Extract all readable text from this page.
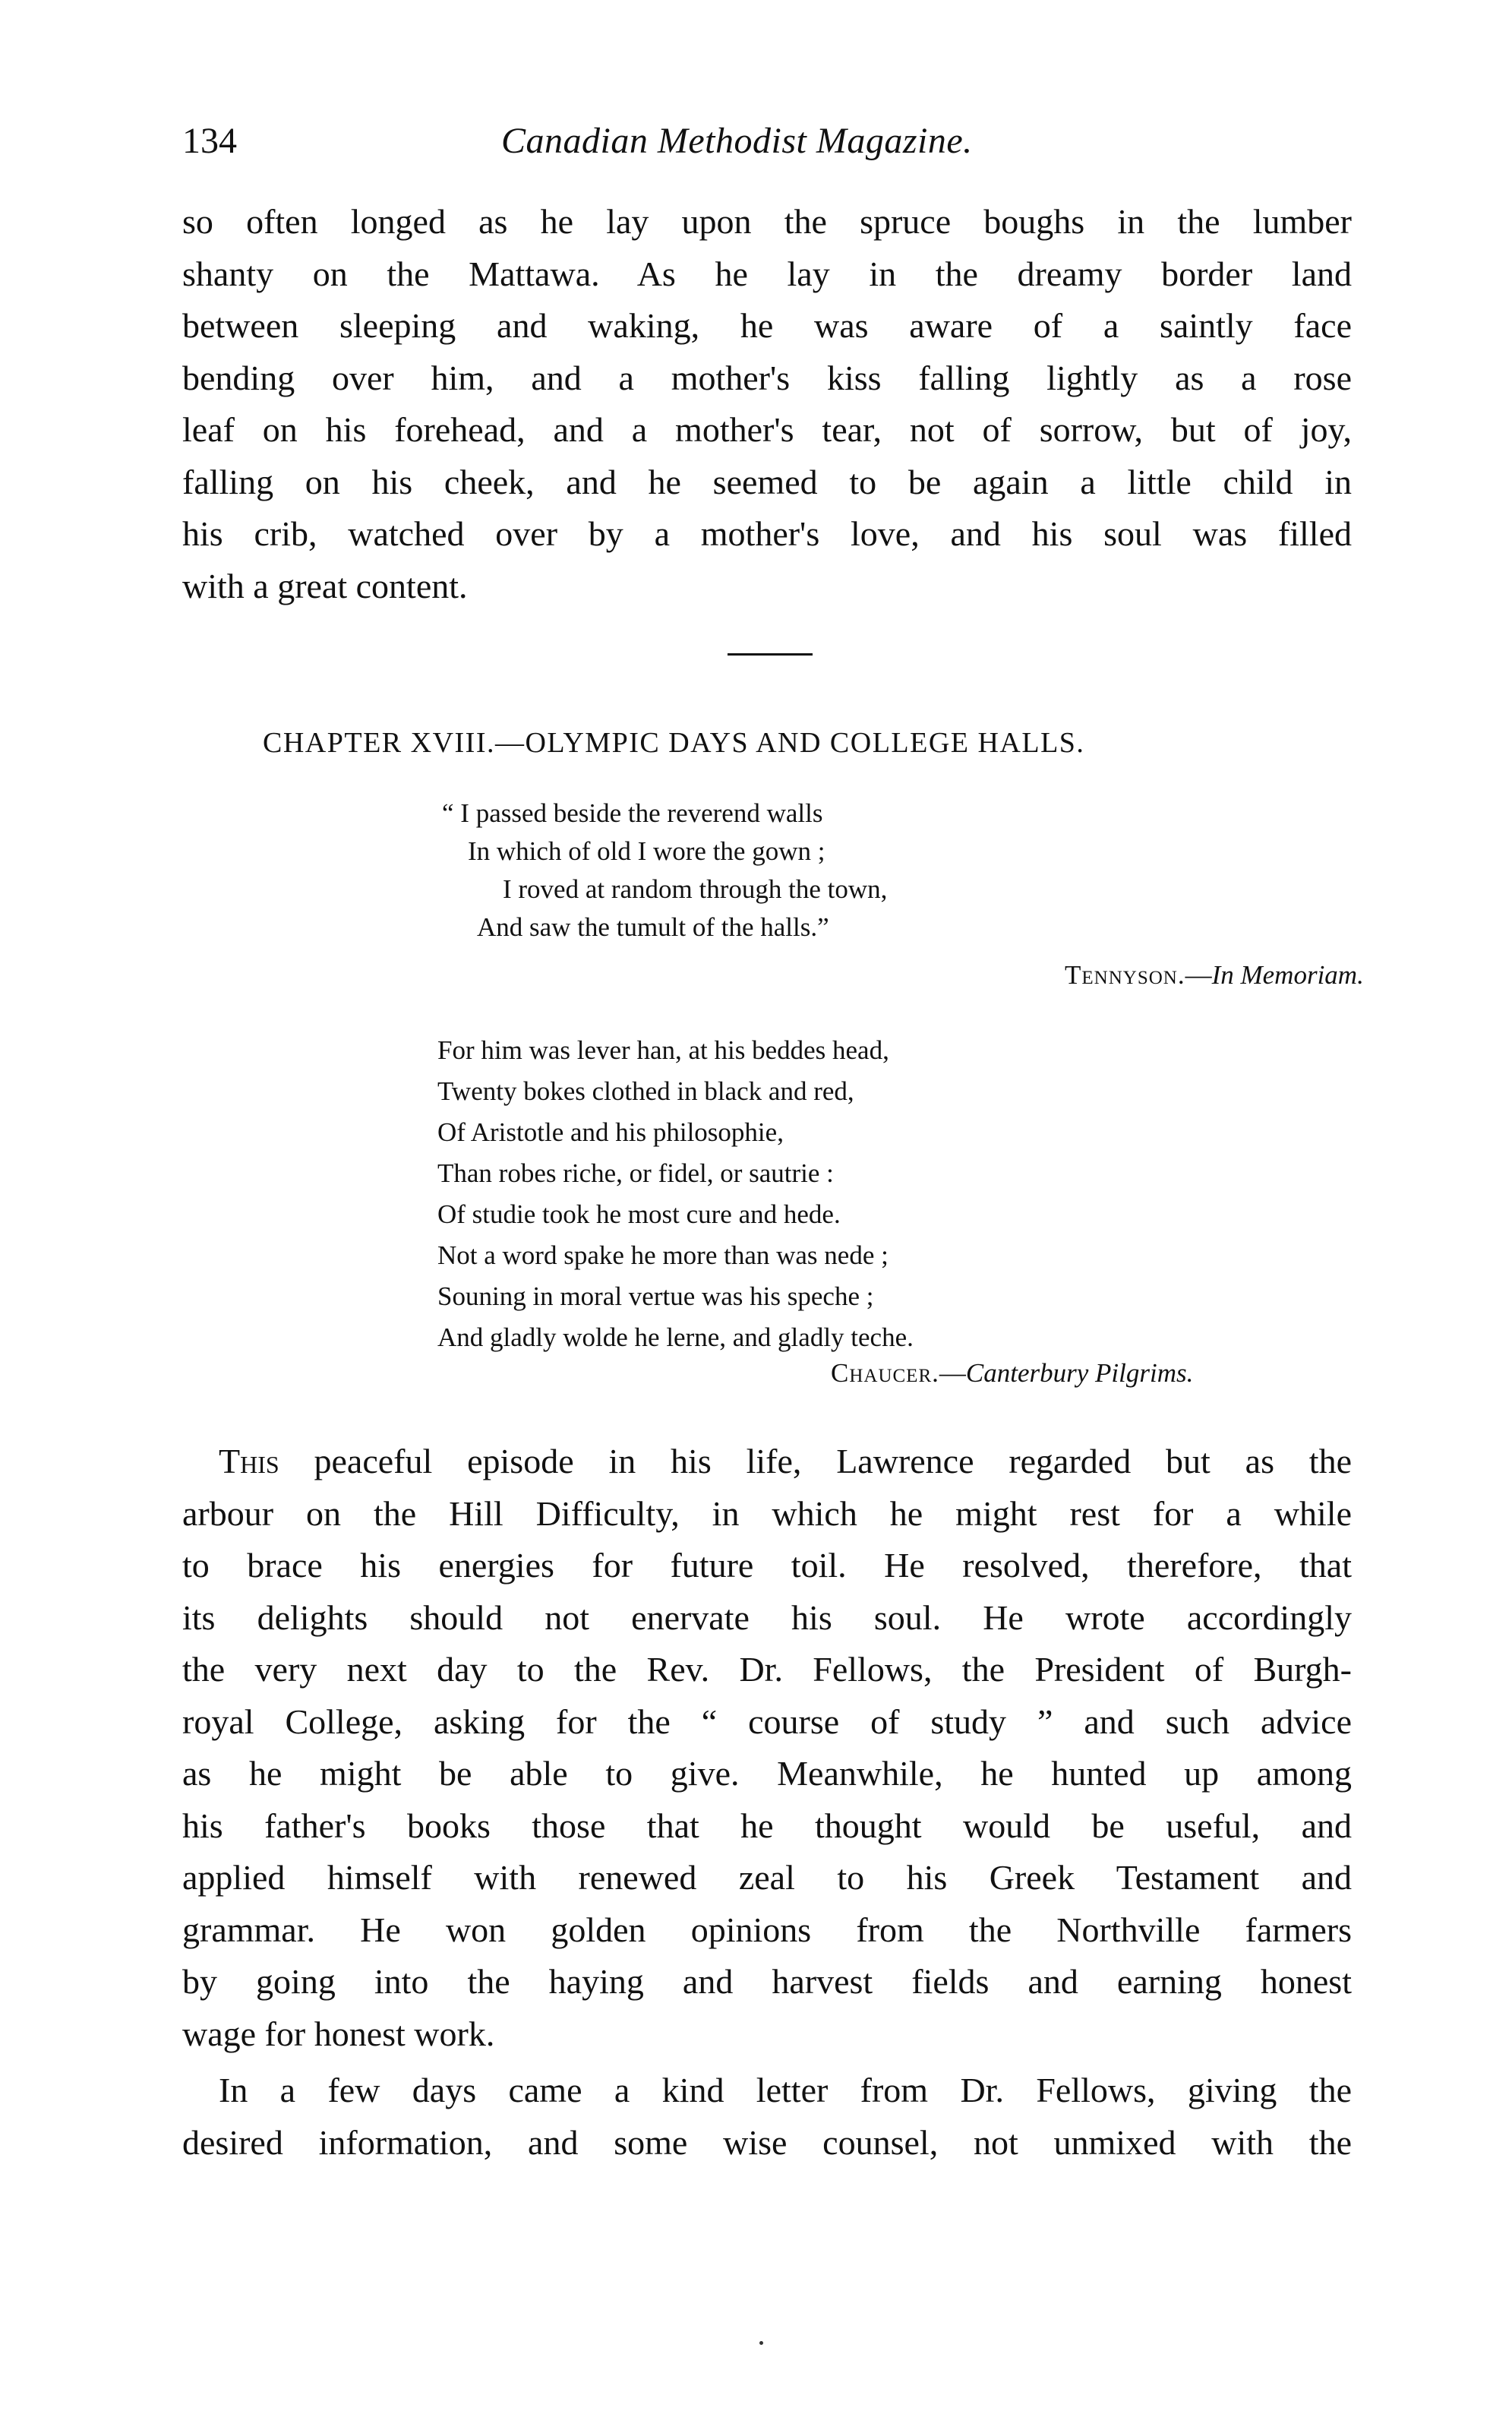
134	Canadian Methodist Magazine.

so often longed as he lay upon the spruce boughs in the lumber
shanty on the Mattawa. As he lay in the dreamy border land
between sleeping and waking, he was aware of a saintly face
bending over him, and a mother's kiss falling lightly as a rose
leaf on his forehead, and a mother's tear, not of sorrow, but of joy,
falling on his cheek, and he seemed to be again a little child in
his crib, watched over by a mother's love, and his soul was filled
with a great content.

CHAPTER XVIII.—OLYMPIC DAYS AND COLLEGE HALLS.
“ I passed beside the reverend walls
In which of old I wore the gown ;
I roved at random through the town,
And saw the tumult of the halls.”
Tennyson.—In Memoriam.
For him was lever han, at his beddes head,
Twenty bokes clothed in black and red,
Of Aristotle and his philosophie,
Than robes riche, or fidel, or sautrie :
Of studie took he most cure and hede.
Not a word spake he more than was nede ;
Souning in moral vertue was his speche ;
And gladly wolde he lerne, and gladly teche.
Chaucer.—Canterbury Pilgrims.

This peaceful episode in his life, Lawrence regarded but as the
arbour on the Hill Difficulty, in which he might rest for a while
to brace his energies for future toil. He resolved, therefore, that
its delights should not enervate his soul. He wrote accordingly
the very next day to the Rev. Dr. Fellows, the President of Burgh-
royal College, asking for the “ course of study ” and such advice
as he might be able to give. Meanwhile, he hunted up among
his father's books those that he thought would be useful, and
applied himself with renewed zeal to his Greek Testament and
grammar. He won golden opinions from the Northville farmers
by going into the haying and harvest fields and earning honest
wage for honest work.

In a few days came a kind letter from Dr. Fellows, giving the
desired information, and some wise counsel, not unmixed with the
